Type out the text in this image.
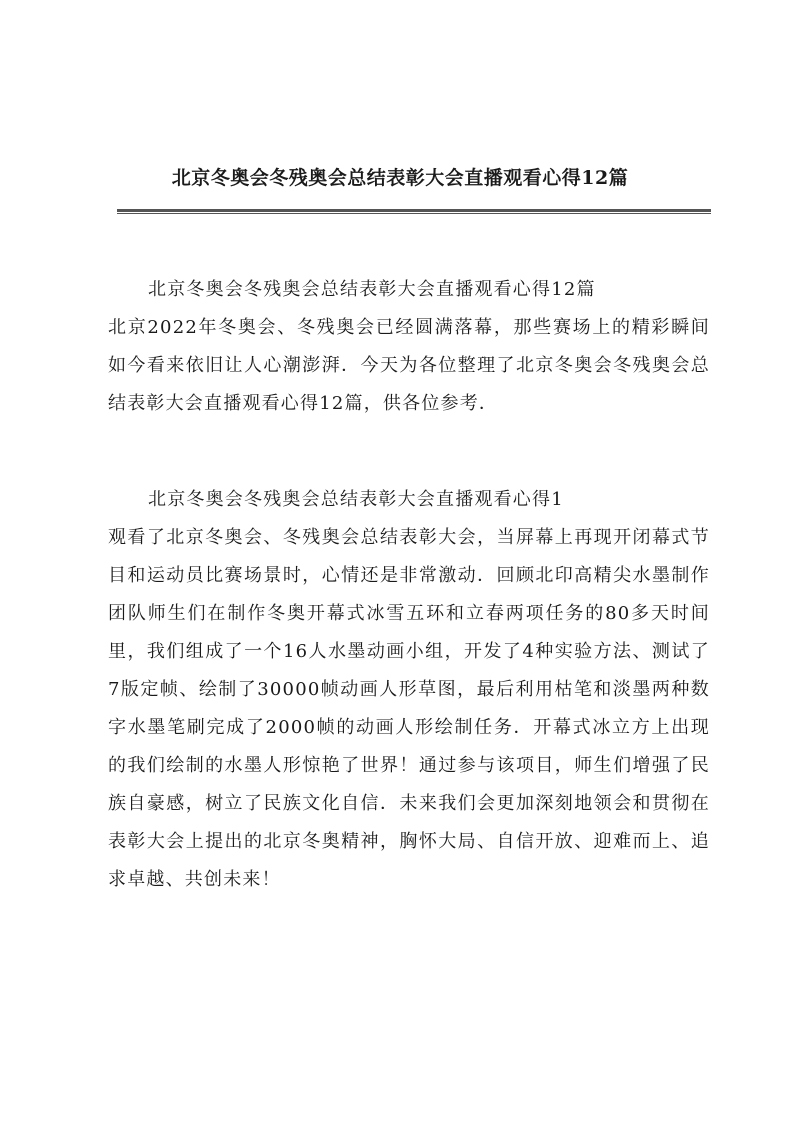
北京冬奥会冬残奥会总结表彰大会直播观看心得12篇

北京冬奥会冬残奥会总结表彰大会直播观看心得12篇

北京2022年冬奥会、冬残奥会已经圆满落幕，那些赛场上的精彩瞬间如今看来依旧让人心潮澎湃．今天为各位整理了北京冬奥会冬残奥会总结表彰大会直播观看心得12篇，供各位参考．

北京冬奥会冬残奥会总结表彰大会直播观看心得1

观看了北京冬奥会、冬残奥会总结表彰大会，当屏幕上再现开闭幕式节目和运动员比赛场景时，心情还是非常激动．回顾北印高精尖水墨制作团队师生们在制作冬奥开幕式冰雪五环和立春两项任务的80多天时间里，我们组成了一个16人水墨动画小组，开发了4种实验方法、测试了7版定帧、绘制了30000帧动画人形草图，最后利用枯笔和淡墨两种数字水墨笔刷完成了2000帧的动画人形绘制任务．开幕式冰立方上出现的我们绘制的水墨人形惊艳了世界！通过参与该项目，师生们增强了民族自豪感，树立了民族文化自信．未来我们会更加深刻地领会和贯彻在表彰大会上提出的北京冬奥精神，胸怀大局、自信开放、迎难而上、追求卓越、共创未来！
